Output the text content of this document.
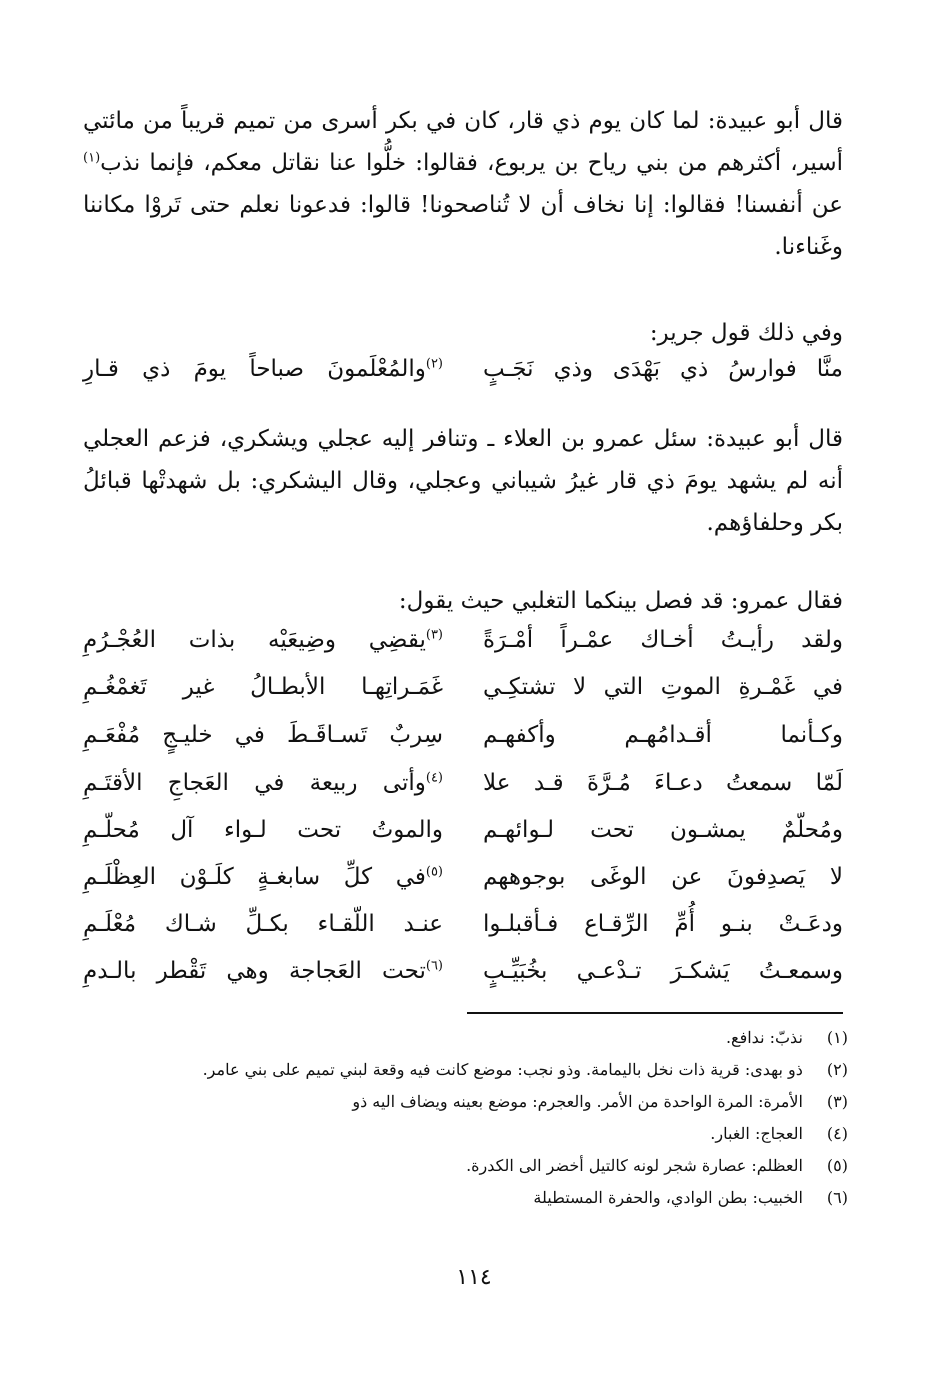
قال أبو عبيدة: لما كان يوم ذي قار، كان في بكر أسرى من تميم قريباً من مائتي أسير، أكثرهم من بني رياح بن يربوع، فقالوا: خلُّوا عنا نقاتل معكم، فإنما نذب$^{(١)}$ عن أنفسنا! فقالوا: إنا نخاف أن لا تُناصحونا! قالوا: فدعونا نعلم حتى تَروْا مكاننا وغَناءنا.
وفي ذلك قول جرير:
منَّا فوارسُ ذي بَهْدَى وذي نَجَـبٍ
$^{(٢)}$والمُعْلَمونَ صباحاً يومَ ذي قـارِ
قال أبو عبيدة: سئل عمرو بن العلاء ـ وتنافر إليه عجلي ويشكري، فزعم العجلي أنه لم يشهد يومَ ذي قار غيرُ شيباني وعجلي، وقال اليشكري: بل شهدتْها قبائلُ بكر وحلفاؤهم.
فقال عمرو: قد فصل بينكما التغلبي حيث يقول:
ولقد رأيـتُ أخـاك عمْـراً أمْـرَةً
$^{(٣)}$يقضِي وضِيعَيْه بذات العُجْـرُمِ
في غَمْـرةِ الموتِ التي لا تشتكِـي
غَمَـراتِهـا الأبطـالُ غير تَغمْغُـمِ
وكـأنما أقـدامُهـم وأكفهـم
سِربٌ تَسـاقَـطَ في خليـجٍ مُفْعَـمِ
لَمّا سمعتُ دعـاءَ مُـرَّةَ قـد علا
$^{(٤)}$وأتى ربيعة في العَجاجِ الأقتَـمِ
ومُحلّمٌ يمشـون تحت لـوائهـم
والموتُ تحت لـواء آل مُحلّـمِ
لا يَصدِفونَ عن الوغَى بوجوههم
$^{(٥)}$في كلِّ سابغـةٍ كلَـوْن العِظْلَـمِ
ودعَـتْ بنـو أُمِّ الرِّقـاع فـأقبلـوا
عنـد اللّقـاء بكـلِّ شـاك مُعْلَـمِ
وسمعـتُ يَشكـرَ تـدْعـي بخُبَيِّـبٍ
$^{(٦)}$تحت العَجاجة وهي تَقْطر بالـدمِ
(١) نذبّ: ندافع.
(٢) ذو بهدى: قرية ذات نخل باليمامة. وذو نجب: موضع كانت فيه وقعة لبني تميم على بني عامر.
(٣) الأمرة: المرة الواحدة من الأمر. والعجرم: موضع بعينه ويضاف اليه ذو
(٤) العجاج: الغبار.
(٥) العظلم: عصارة شجر لونه كالتيل أخضر الى الكدرة.
(٦) الخبيب: بطن الوادي، والحفرة المستطيلة
١١٤
